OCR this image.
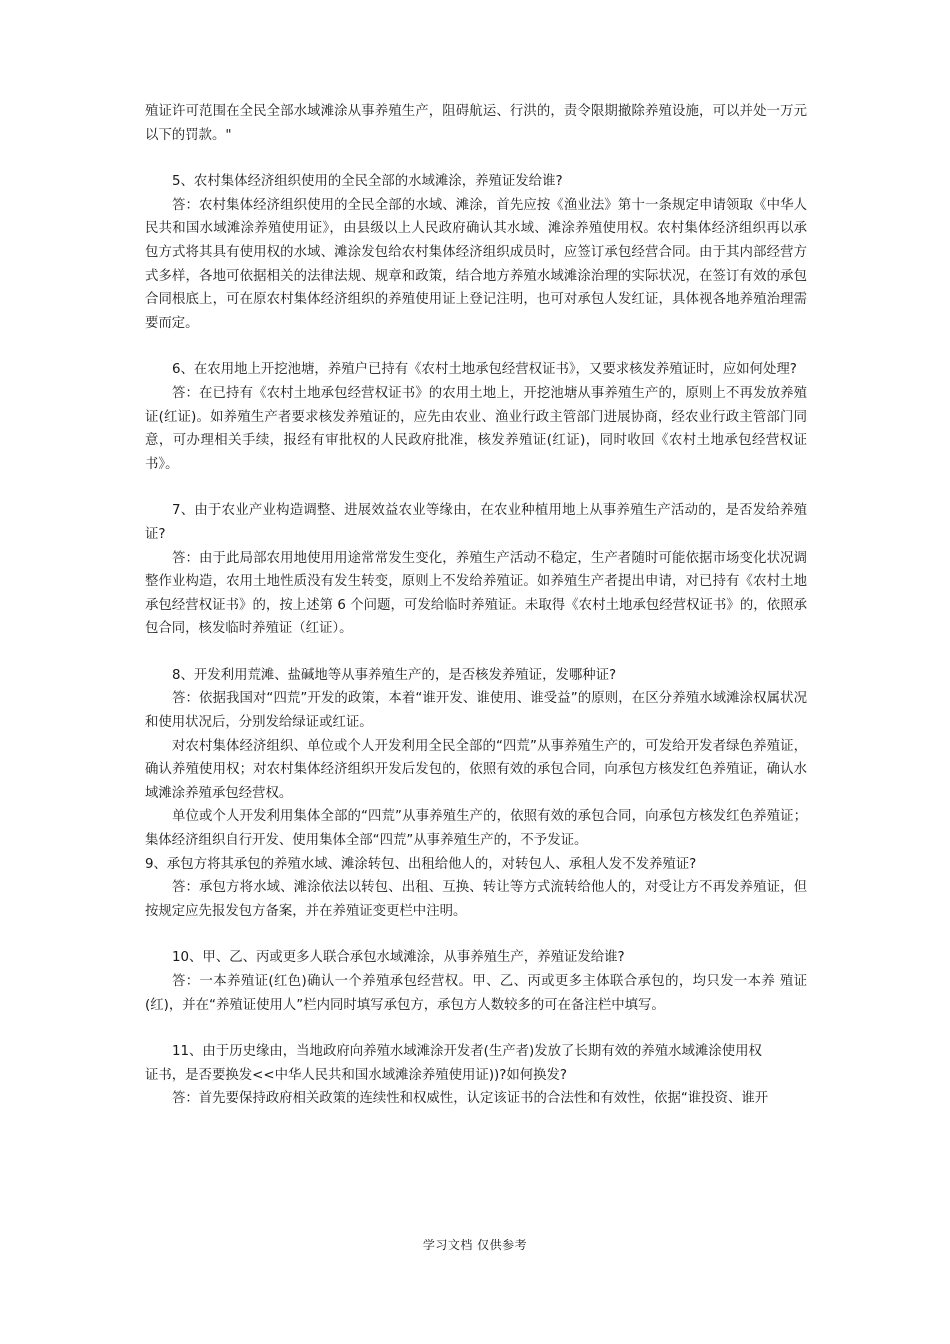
殖证许可范围在全民全部水域滩涂从事养殖生产，阻碍航运、行洪的，责令限期撤除养殖设施，可以并处一万元以下的罚款。"

5、农村集体经济组织使用的全民全部的水域滩涂，养殖证发给谁?

答：农村集体经济组织使用的全民全部的水域、滩涂，首先应按《渔业法》第十一条规定申请领取《中华人民共和国水域滩涂养殖使用证》，由县级以上人民政府确认其水域、滩涂养殖使用权。农村集体经济组织再以承包方式将其具有使用权的水域、滩涂发包给农村集体经济组织成员时，应签订承包经营合同。由于其内部经营方式多样，各地可依据相关的法律法规、规章和政策，结合地方养殖水域滩涂治理的实际状况，在签订有效的承包合同根底上，可在原农村集体经济组织的养殖使用证上登记注明，也可对承包人发红证，具体视各地养殖治理需要而定。

6、在农用地上开挖池塘，养殖户已持有《农村土地承包经营权证书》，又要求核发养殖证时，应如何处理?

答：在已持有《农村土地承包经营权证书》的农用土地上，开挖池塘从事养殖生产的，原则上不再发放养殖证(红证)。如养殖生产者要求核发养殖证的，应先由农业、渔业行政主管部门进展协商，经农业行政主管部门同意，可办理相关手续，报经有审批权的人民政府批准，核发养殖证(红证)，同时收回《农村土地承包经营权证书》。

7、由于农业产业构造调整、进展效益农业等缘由，在农业种植用地上从事养殖生产活动的，是否发给养殖证?

答：由于此局部农用地使用用途常常发生变化，养殖生产活动不稳定，生产者随时可能依据市场变化状况调整作业构造，农用土地性质没有发生转变，原则上不发给养殖证。如养殖生产者提出申请，对已持有《农村土地承包经营权证书》的，按上述第 6 个问题，可发给临时养殖证。未取得《农村土地承包经营权证书》的，依照承包合同，核发临时养殖证（红证）。

8、开发利用荒滩、盐碱地等从事养殖生产的，是否核发养殖证，发哪种证?

答：依据我国对“四荒”开发的政策，本着“谁开发、谁使用、谁受益”的原则，在区分养殖水域滩涂权属状况和使用状况后，分别发给绿证或红证。

对农村集体经济组织、单位或个人开发利用全民全部的“四荒”从事养殖生产的，可发给开发者绿色养殖证，确认养殖使用权；对农村集体经济组织开发后发包的，依照有效的承包合同，向承包方核发红色养殖证，确认水域滩涂养殖承包经营权。

单位或个人开发利用集体全部的“四荒”从事养殖生产的，依照有效的承包合同，向承包方核发红色养殖证；集体经济组织自行开发、使用集体全部“四荒”从事养殖生产的，不予发证。

9、承包方将其承包的养殖水域、滩涂转包、出租给他人的，对转包人、承租人发不发养殖证?

答：承包方将水域、滩涂依法以转包、出租、互换、转让等方式流转给他人的，对受让方不再发养殖证，但按规定应先报发包方备案，并在养殖证变更栏中注明。

10、甲、乙、丙或更多人联合承包水域滩涂，从事养殖生产，养殖证发给谁?

答：一本养殖证(红色)确认一个养殖承包经营权。甲、乙、丙或更多主体联合承包的，均只发一本养 殖证(红)，并在“养殖证使用人”栏内同时填写承包方，承包方人数较多的可在备注栏中填写。

11、由于历史缘由，当地政府向养殖水域滩涂开发者(生产者)发放了长期有效的养殖水域滩涂使用权

证书，是否要换发<<中华人民共和国水域滩涂养殖使用证))?如何换发?

答：首先要保持政府相关政策的连续性和权威性，认定该证书的合法性和有效性，依据“谁投资、谁开

学习文档 仅供参考
